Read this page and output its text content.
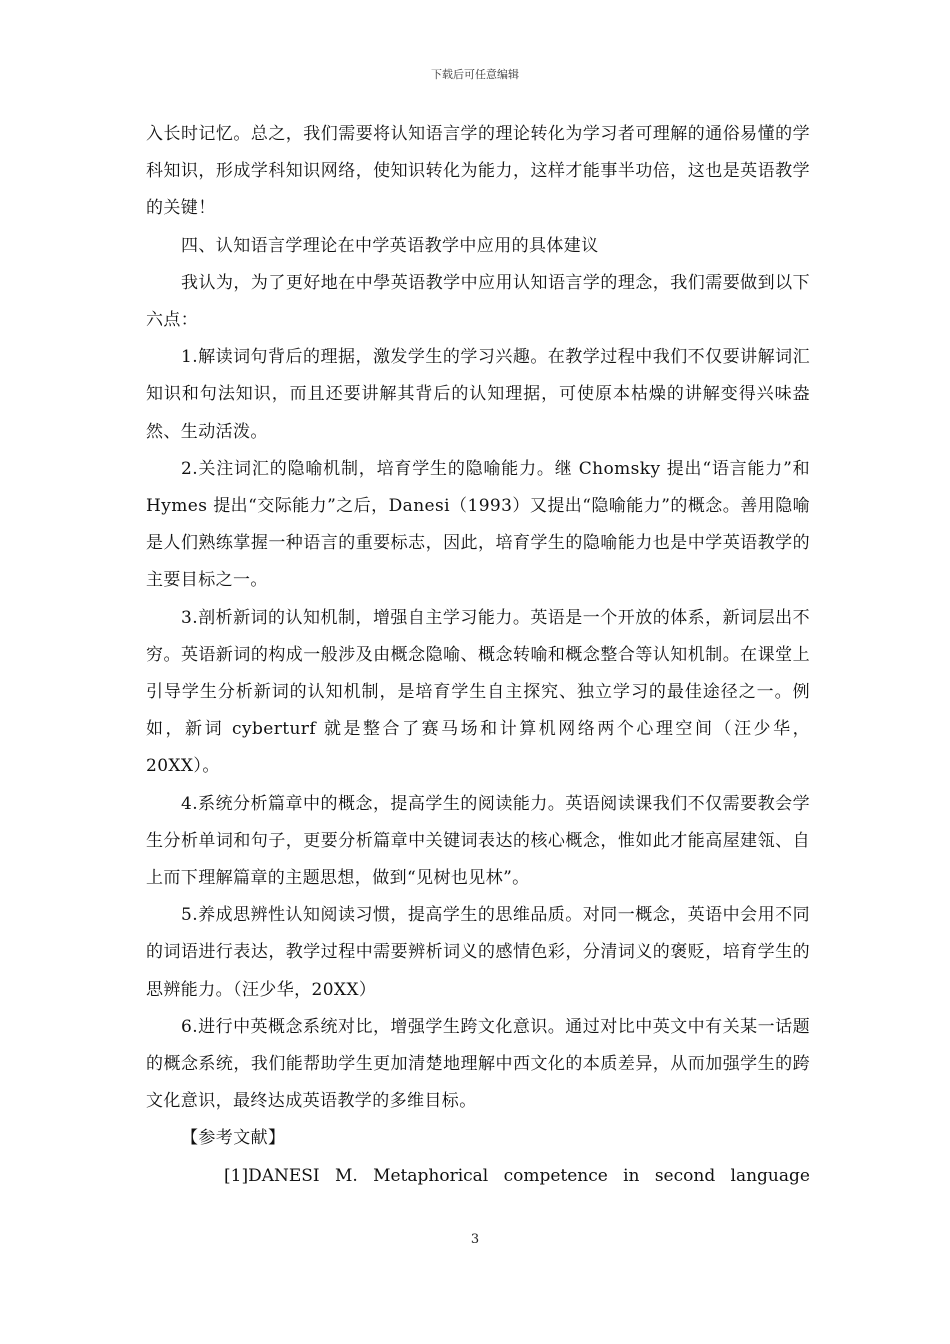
下载后可任意编辑

入长时记忆。总之，我们需要将认知语言学的理论转化为学习者可理解的通俗易懂的学科知识，形成学科知识网络，使知识转化为能力，这样才能事半功倍，这也是英语教学的关键！

四、认知语言学理论在中学英语教学中应用的具体建议

我认为，为了更好地在中學英语教学中应用认知语言学的理念，我们需要做到以下六点：

1.解读词句背后的理据，激发学生的学习兴趣。在教学过程中我们不仅要讲解词汇知识和句法知识，而且还要讲解其背后的认知理据，可使原本枯燥的讲解变得兴味盎然、生动活泼。

2.关注词汇的隐喻机制，培育学生的隐喻能力。继 Chomsky 提出“语言能力”和 Hymes 提出“交际能力”之后，Danesi（1993）又提出“隐喻能力”的概念。善用隐喻是人们熟练掌握一种语言的重要标志，因此，培育学生的隐喻能力也是中学英语教学的主要目标之一。

3.剖析新词的认知机制，增强自主学习能力。英语是一个开放的体系，新词层出不穷。英语新词的构成一般涉及由概念隐喻、概念转喻和概念整合等认知机制。在课堂上引导学生分析新词的认知机制，是培育学生自主探究、独立学习的最佳途径之一。例如，新词 cyberturf 就是整合了赛马场和计算机网络两个心理空间（汪少华，20XX）。

4.系统分析篇章中的概念，提高学生的阅读能力。英语阅读课我们不仅需要教会学生分析单词和句子，更要分析篇章中关键词表达的核心概念，惟如此才能高屋建瓴、自上而下理解篇章的主题思想，做到“见树也见林”。

5.养成思辨性认知阅读习惯，提高学生的思维品质。对同一概念，英语中会用不同的词语进行表达，教学过程中需要辨析词义的感情色彩，分清词义的褒贬，培育学生的思辨能力。（汪少华，20XX）

6.进行中英概念系统对比，增强学生跨文化意识。通过对比中英文中有关某一话题的概念系统，我们能帮助学生更加清楚地理解中西文化的本质差异，从而加强学生的跨文化意识，最终达成英语教学的多维目标。

【参考文献】

[1]DANESI M. Metaphorical competence in second language
3
